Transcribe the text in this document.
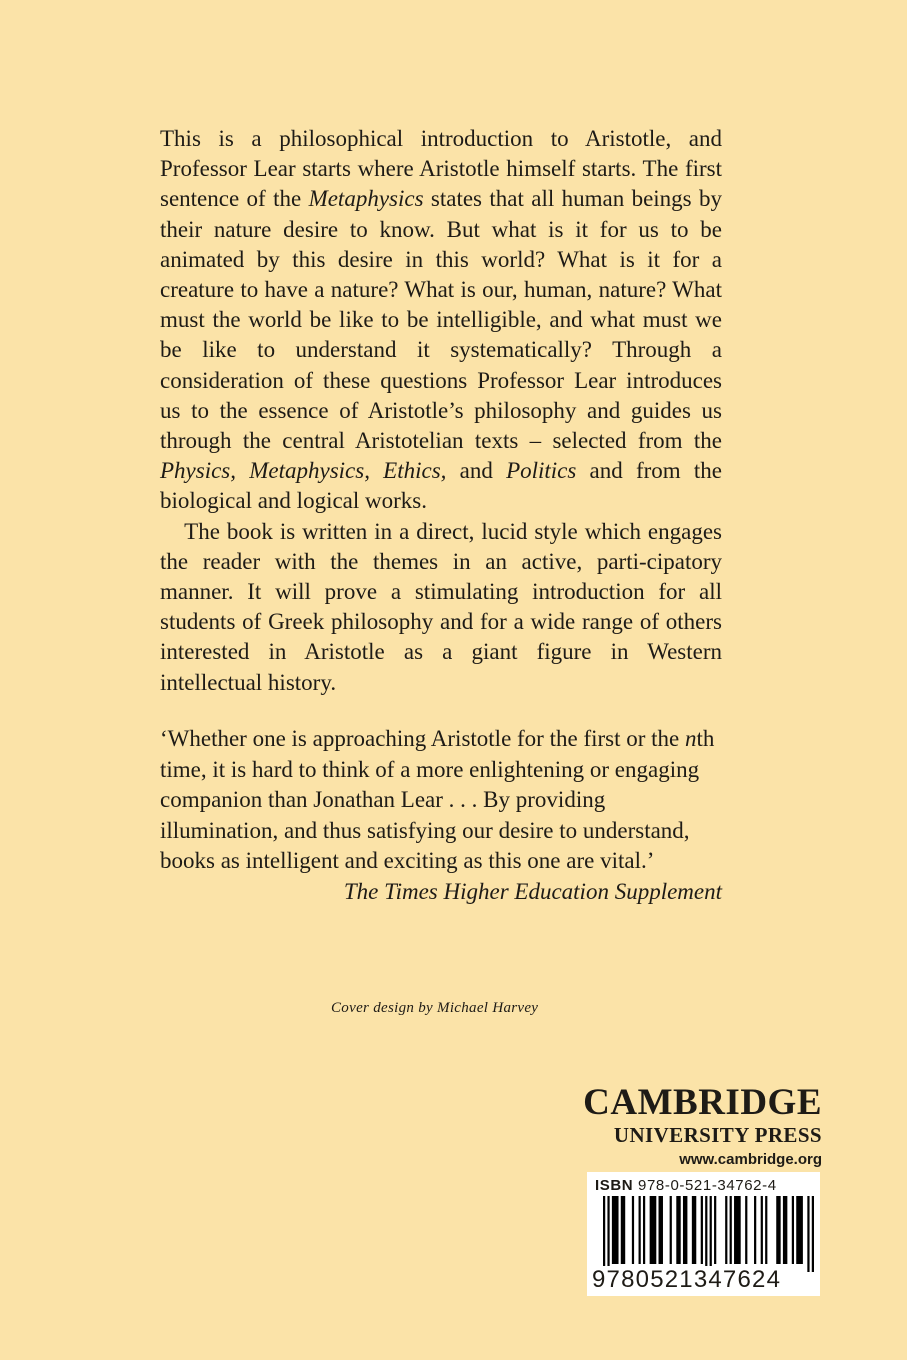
This is a philosophical introduction to Aristotle, and Professor Lear starts where Aristotle himself starts. The first sentence of the Metaphysics states that all human beings by their nature desire to know. But what is it for us to be animated by this desire in this world? What is it for a creature to have a nature? What is our, human, nature? What must the world be like to be intelligible, and what must we be like to understand it systematically? Through a consideration of these questions Professor Lear introduces us to the essence of Aristotle’s philosophy and guides us through the central Aristotelian texts – selected from the Physics, Metaphysics, Ethics, and Politics and from the biological and logical works.

The book is written in a direct, lucid style which engages the reader with the themes in an active, parti-cipatory manner. It will prove a stimulating introduction for all students of Greek philosophy and for a wide range of others interested in Aristotle as a giant figure in Western intellectual history.

‘Whether one is approaching Aristotle for the first or the nth time, it is hard to think of a more enlightening or engaging companion than Jonathan Lear . . . By providing illumination, and thus satisfying our desire to understand, books as intelligent and exciting as this one are vital.’
The Times Higher Education Supplement
Cover design by Michael Harvey
CAMBRIDGE
UNIVERSITY PRESS
www.cambridge.org
ISBN 978-0-521-34762-4
9780521347624
